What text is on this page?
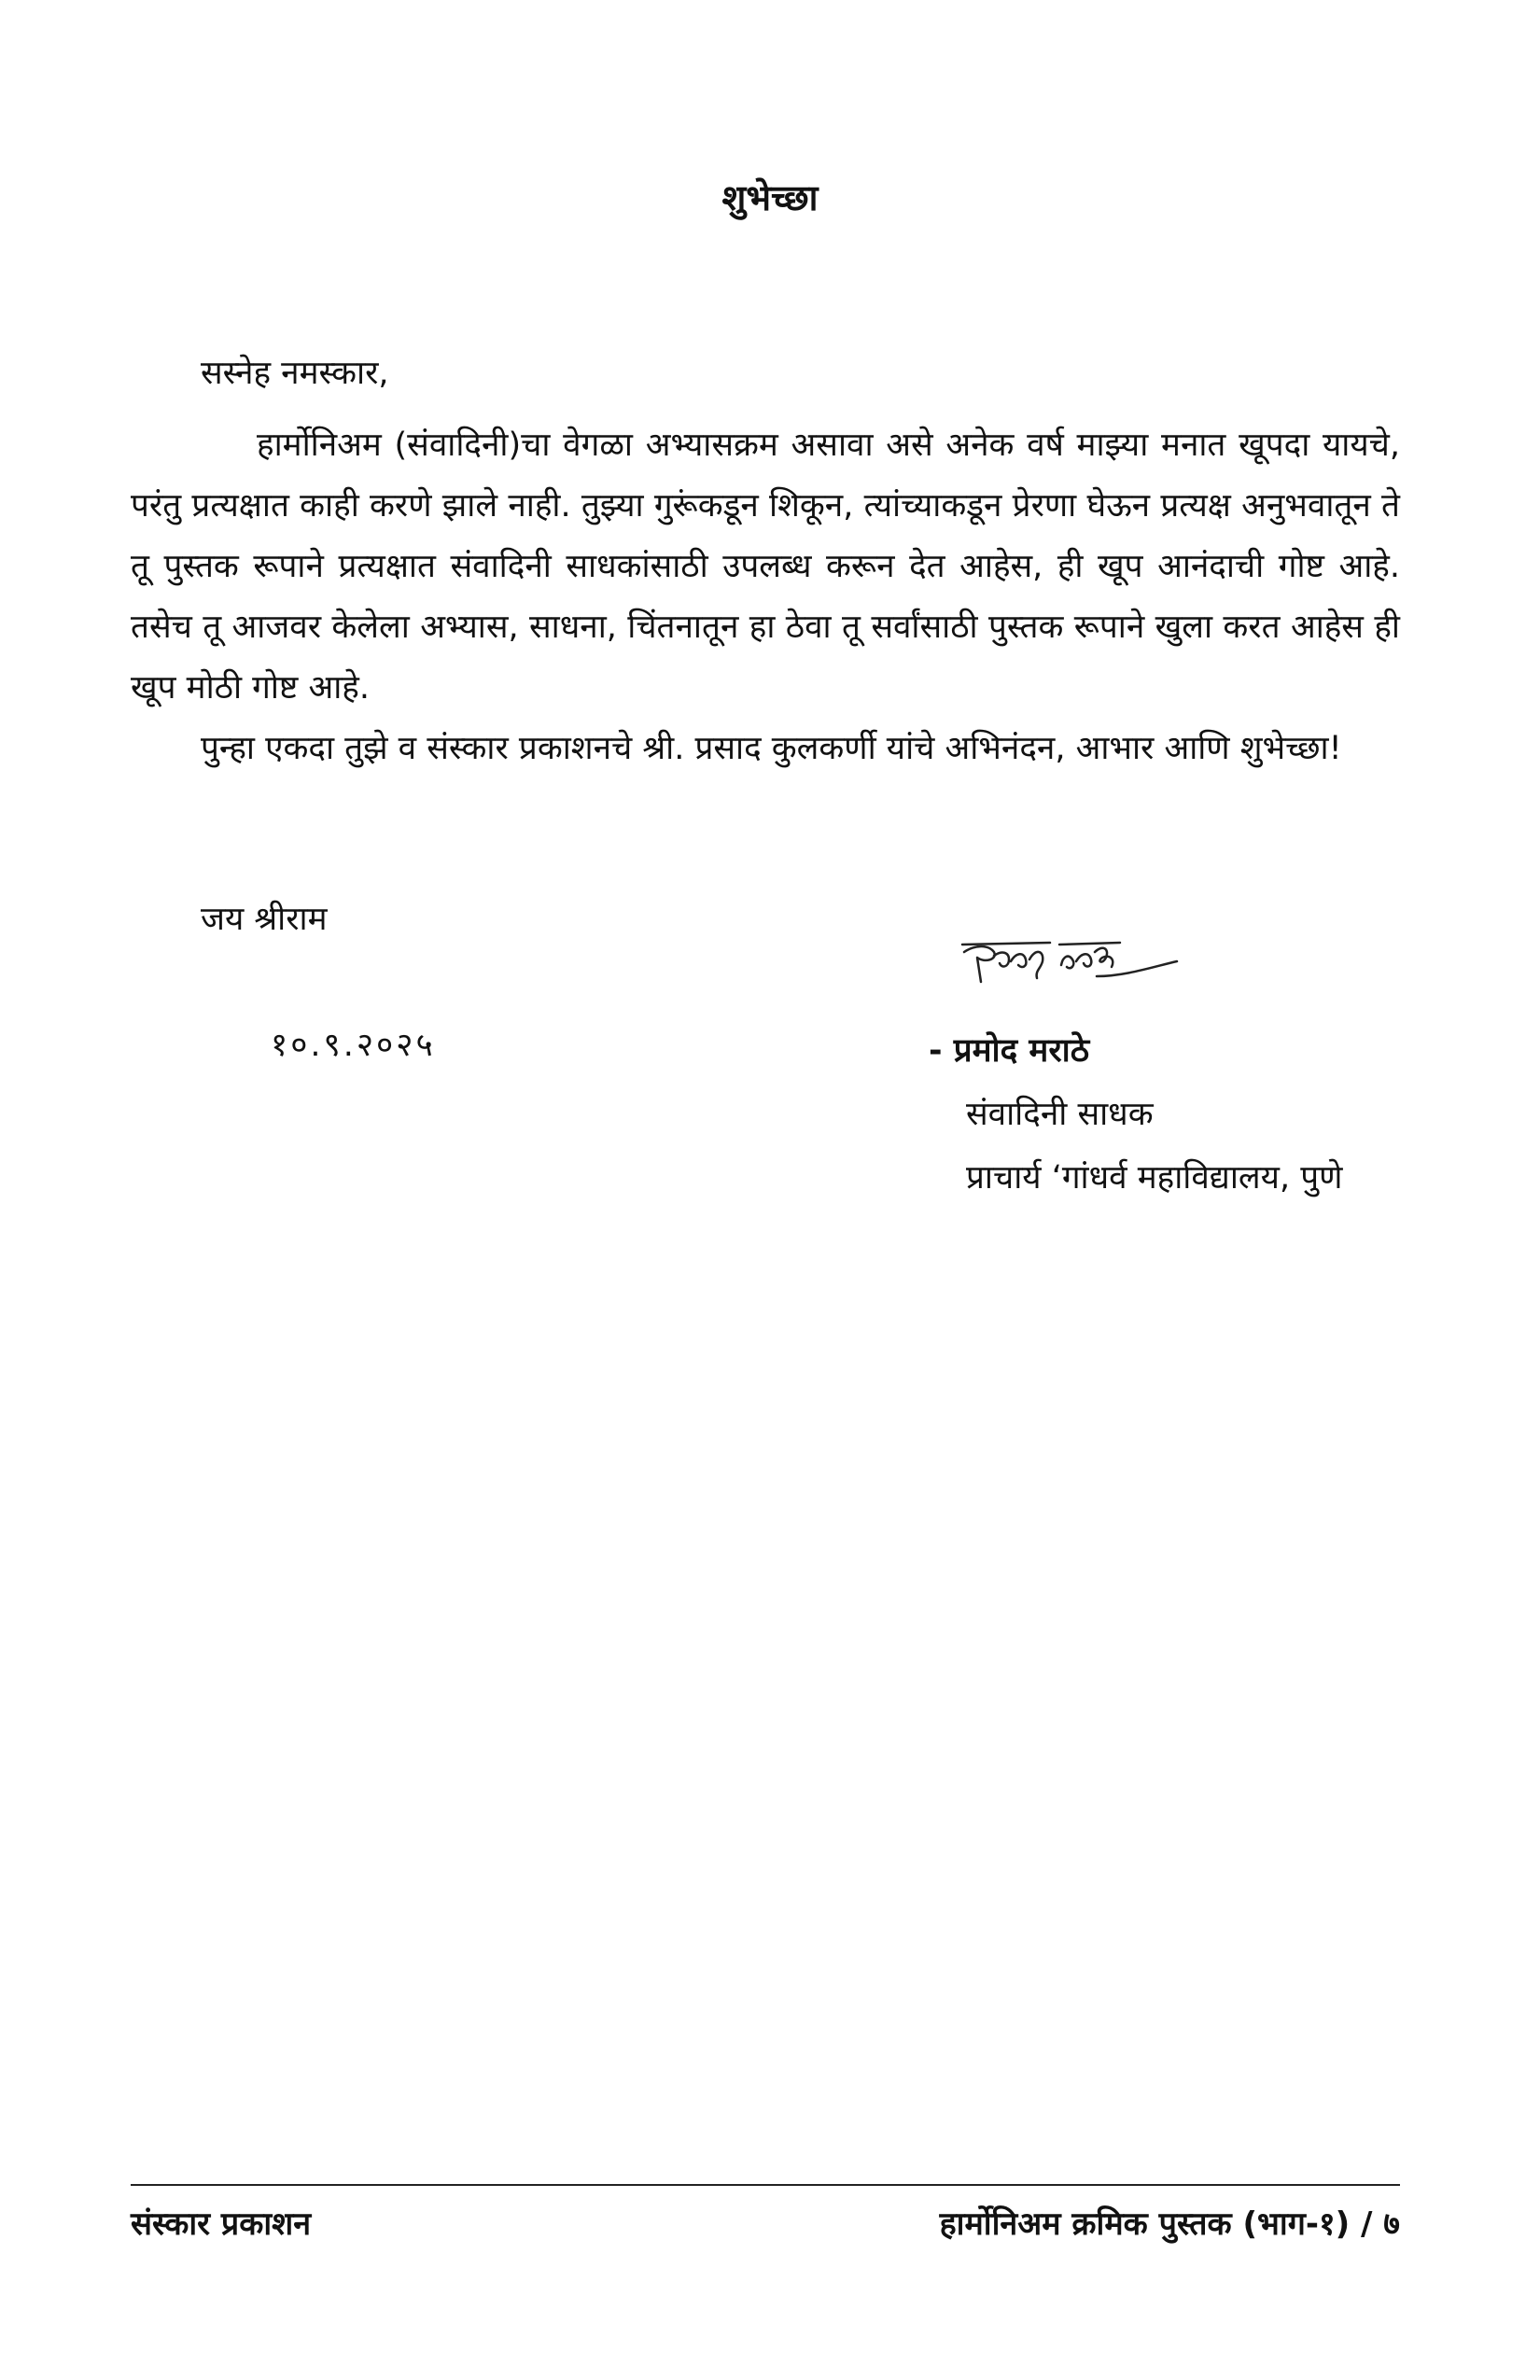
शुभेच्छा
सस्नेह नमस्कार,

हार्मोनिअम (संवादिनी)चा वेगळा अभ्यासक्रम असावा असे अनेक वर्ष माझ्या मनात खूपदा यायचे, परंतु प्रत्यक्षात काही करणे झाले नाही. तुझ्या गुरूंकडून शिकून, त्यांच्याकडून प्रेरणा घेऊन प्रत्यक्ष अनुभवातून ते तू पुस्तक रूपाने प्रत्यक्षात संवादिनी साधकांसाठी उपलब्ध करून देत आहेस, ही खूप आनंदाची गोष्ट आहे. तसेच तू आजवर केलेला अभ्यास, साधना, चिंतनातून हा ठेवा तू सर्वांसाठी पुस्तक रूपाने खुला करत आहेस ही खूप मोठी गोष्ट आहे.

पुन्हा एकदा तुझे व संस्कार प्रकाशनचे श्री. प्रसाद कुलकर्णी यांचे अभिनंदन, आभार आणि शुभेच्छा!

जय श्रीराम
१०.९.२०२५	- प्रमोद मराठे
संवादिनी साधक
प्राचार्य ‘गांधर्व महाविद्यालय, पुणे
संस्कार प्रकाशन	हार्मोनिअम क्रमिक पुस्तक (भाग-१) / ७
